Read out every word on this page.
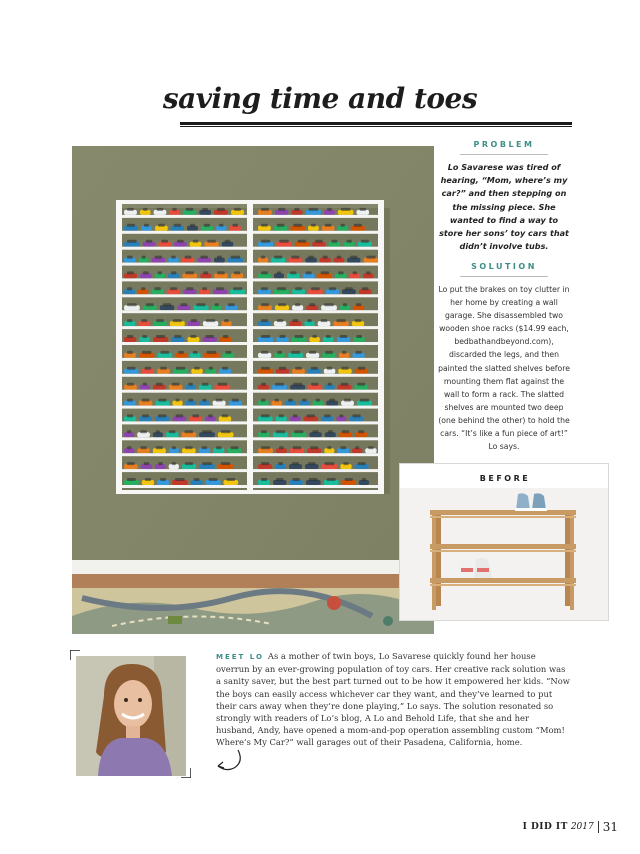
saving time and toes
PROBLEM
Lo Savarese was tired of hearing, “Mom, where’s my car?” and then stepping on the missing piece. She wanted to find a way to store her sons’ toy cars that didn’t involve tubs.
SOLUTION
Lo put the brakes on toy clutter in her home by creating a wall garage. She disassembled two wooden shoe racks ($14.99 each, bedbathandbeyond.com), discarded the legs, and then painted the slatted shelves before mounting them flat against the wall to form a rack. The slatted shelves are mounted two deep (one behind the other) to hold the cars. “It’s like a fun piece of art!” Lo says.
BEFORE
MEET LO As a mother of twin boys, Lo Savarese quickly found her house overrun by an ever-growing population of toy cars. Her creative rack solution was a sanity saver, but the best part turned out to be how it empowered her kids. “Now the boys can easily access whichever car they want, and they’ve learned to put their cars away when they’re done playing,” Lo says. The solution resonated so strongly with readers of Lo’s blog, A Lo and Behold Life, that she and her husband, Andy, have opened a mom-and-pop operation assembling custom “Mom! Where’s My Car?” wall garages out of their Pasadena, California, home.
I DID IT 2017 31
